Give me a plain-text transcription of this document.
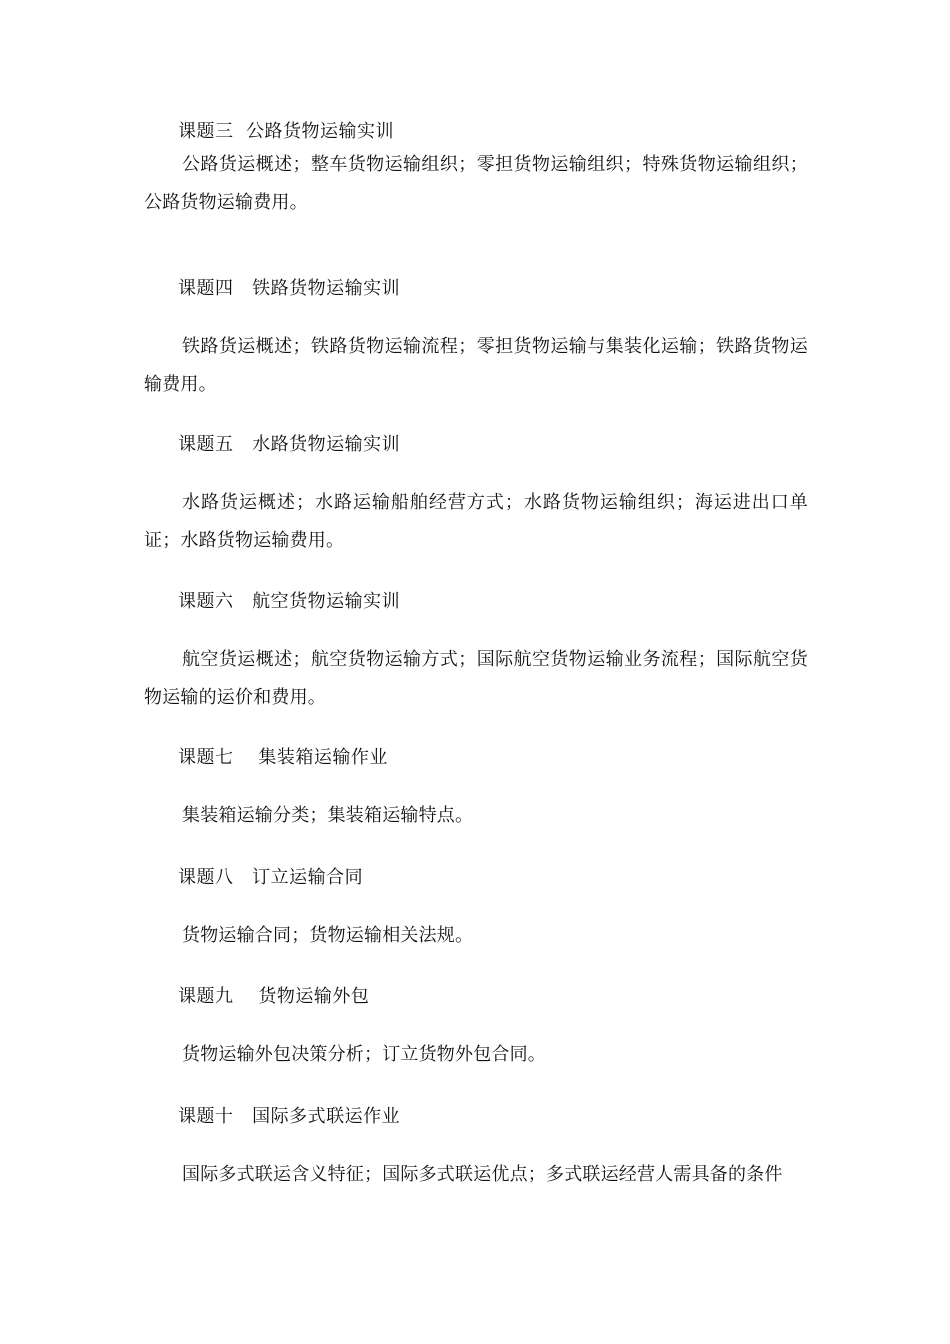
课题三  公路货物运输实训
公路货运概述；整车货物运输组织；零担货物运输组织；特殊货物运输组织；公路货物运输费用。
课题四   铁路货物运输实训
铁路货运概述；铁路货物运输流程；零担货物运输与集装化运输；铁路货物运输费用。
课题五   水路货物运输实训
水路货运概述；水路运输船舶经营方式；水路货物运输组织；海运进出口单证；水路货物运输费用。
课题六   航空货物运输实训
航空货运概述；航空货物运输方式；国际航空货物运输业务流程；国际航空货物运输的运价和费用。
课题七    集装箱运输作业
集装箱运输分类；集装箱运输特点。
课题八   订立运输合同
货物运输合同；货物运输相关法规。
课题九    货物运输外包
货物运输外包决策分析；订立货物外包合同。
课题十   国际多式联运作业
国际多式联运含义特征；国际多式联运优点；多式联运经营人需具备的条件
